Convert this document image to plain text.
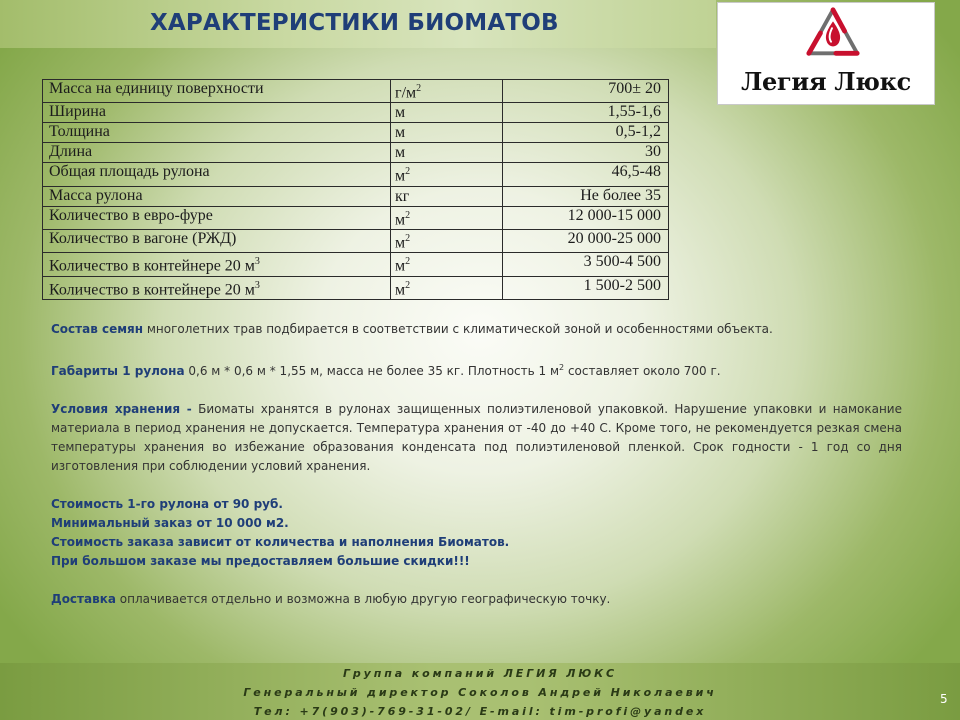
ХАРАКТЕРИСТИКИ БИОМАТОВ
Легия Люкс
Масса на единицу поверхности	$г/м^2$	700± 20
Ширина	м	1,55-1,6
Толщина	м	0,5-1,2
Длина	м	30
Общая площадь рулона	$м^2$	46,5-48
Масса рулона	кг	Не более 35
Количество в евро-фуре	$м^2$	12 000-15 000
Количество в вагоне (РЖД)	$м^2$	20 000-25 000
Количество в контейнере 20 $м^3$	$м^2$	3 500-4 500
Количество в контейнере 20 $м^3$	$м^2$	1 500-2 500

Состав семян многолетних трав подбирается в соответствии с климатической зоной и особенностями объекта.

Габариты 1 рулона 0,6 м * 0,6 м * 1,55 м, масса не более 35 кг. Плотность 1 $м^2$ составляет около 700 г.

Условия хранения - Биоматы хранятся в рулонах защищенных полиэтиленовой упаковкой. Нарушение упаковки и намокание материала в период хранения не допускается. Температура хранения от -40 до +40 С. Кроме того, не рекомендуется резкая смена температуры хранения во избежание образования конденсата под полиэтиленовой пленкой. Срок годности - 1 год со дня изготовления при соблюдении условий хранения.

Стоимость 1-го рулона от 90 руб.

Минимальный заказ от 10 000 м2.

Стоимость заказа зависит от количества и наполнения Биоматов.

При большом заказе мы предоставляем большие скидки!!!

Доставка оплачивается отдельно и возможна в любую другую географическую точку.

Группа компаний ЛЕГИЯ ЛЮКС
Генеральный директор Соколов Андрей Николаевич
Тел: +7(903)-769-31-02/ E-mail: tim-profi@yandex
5
